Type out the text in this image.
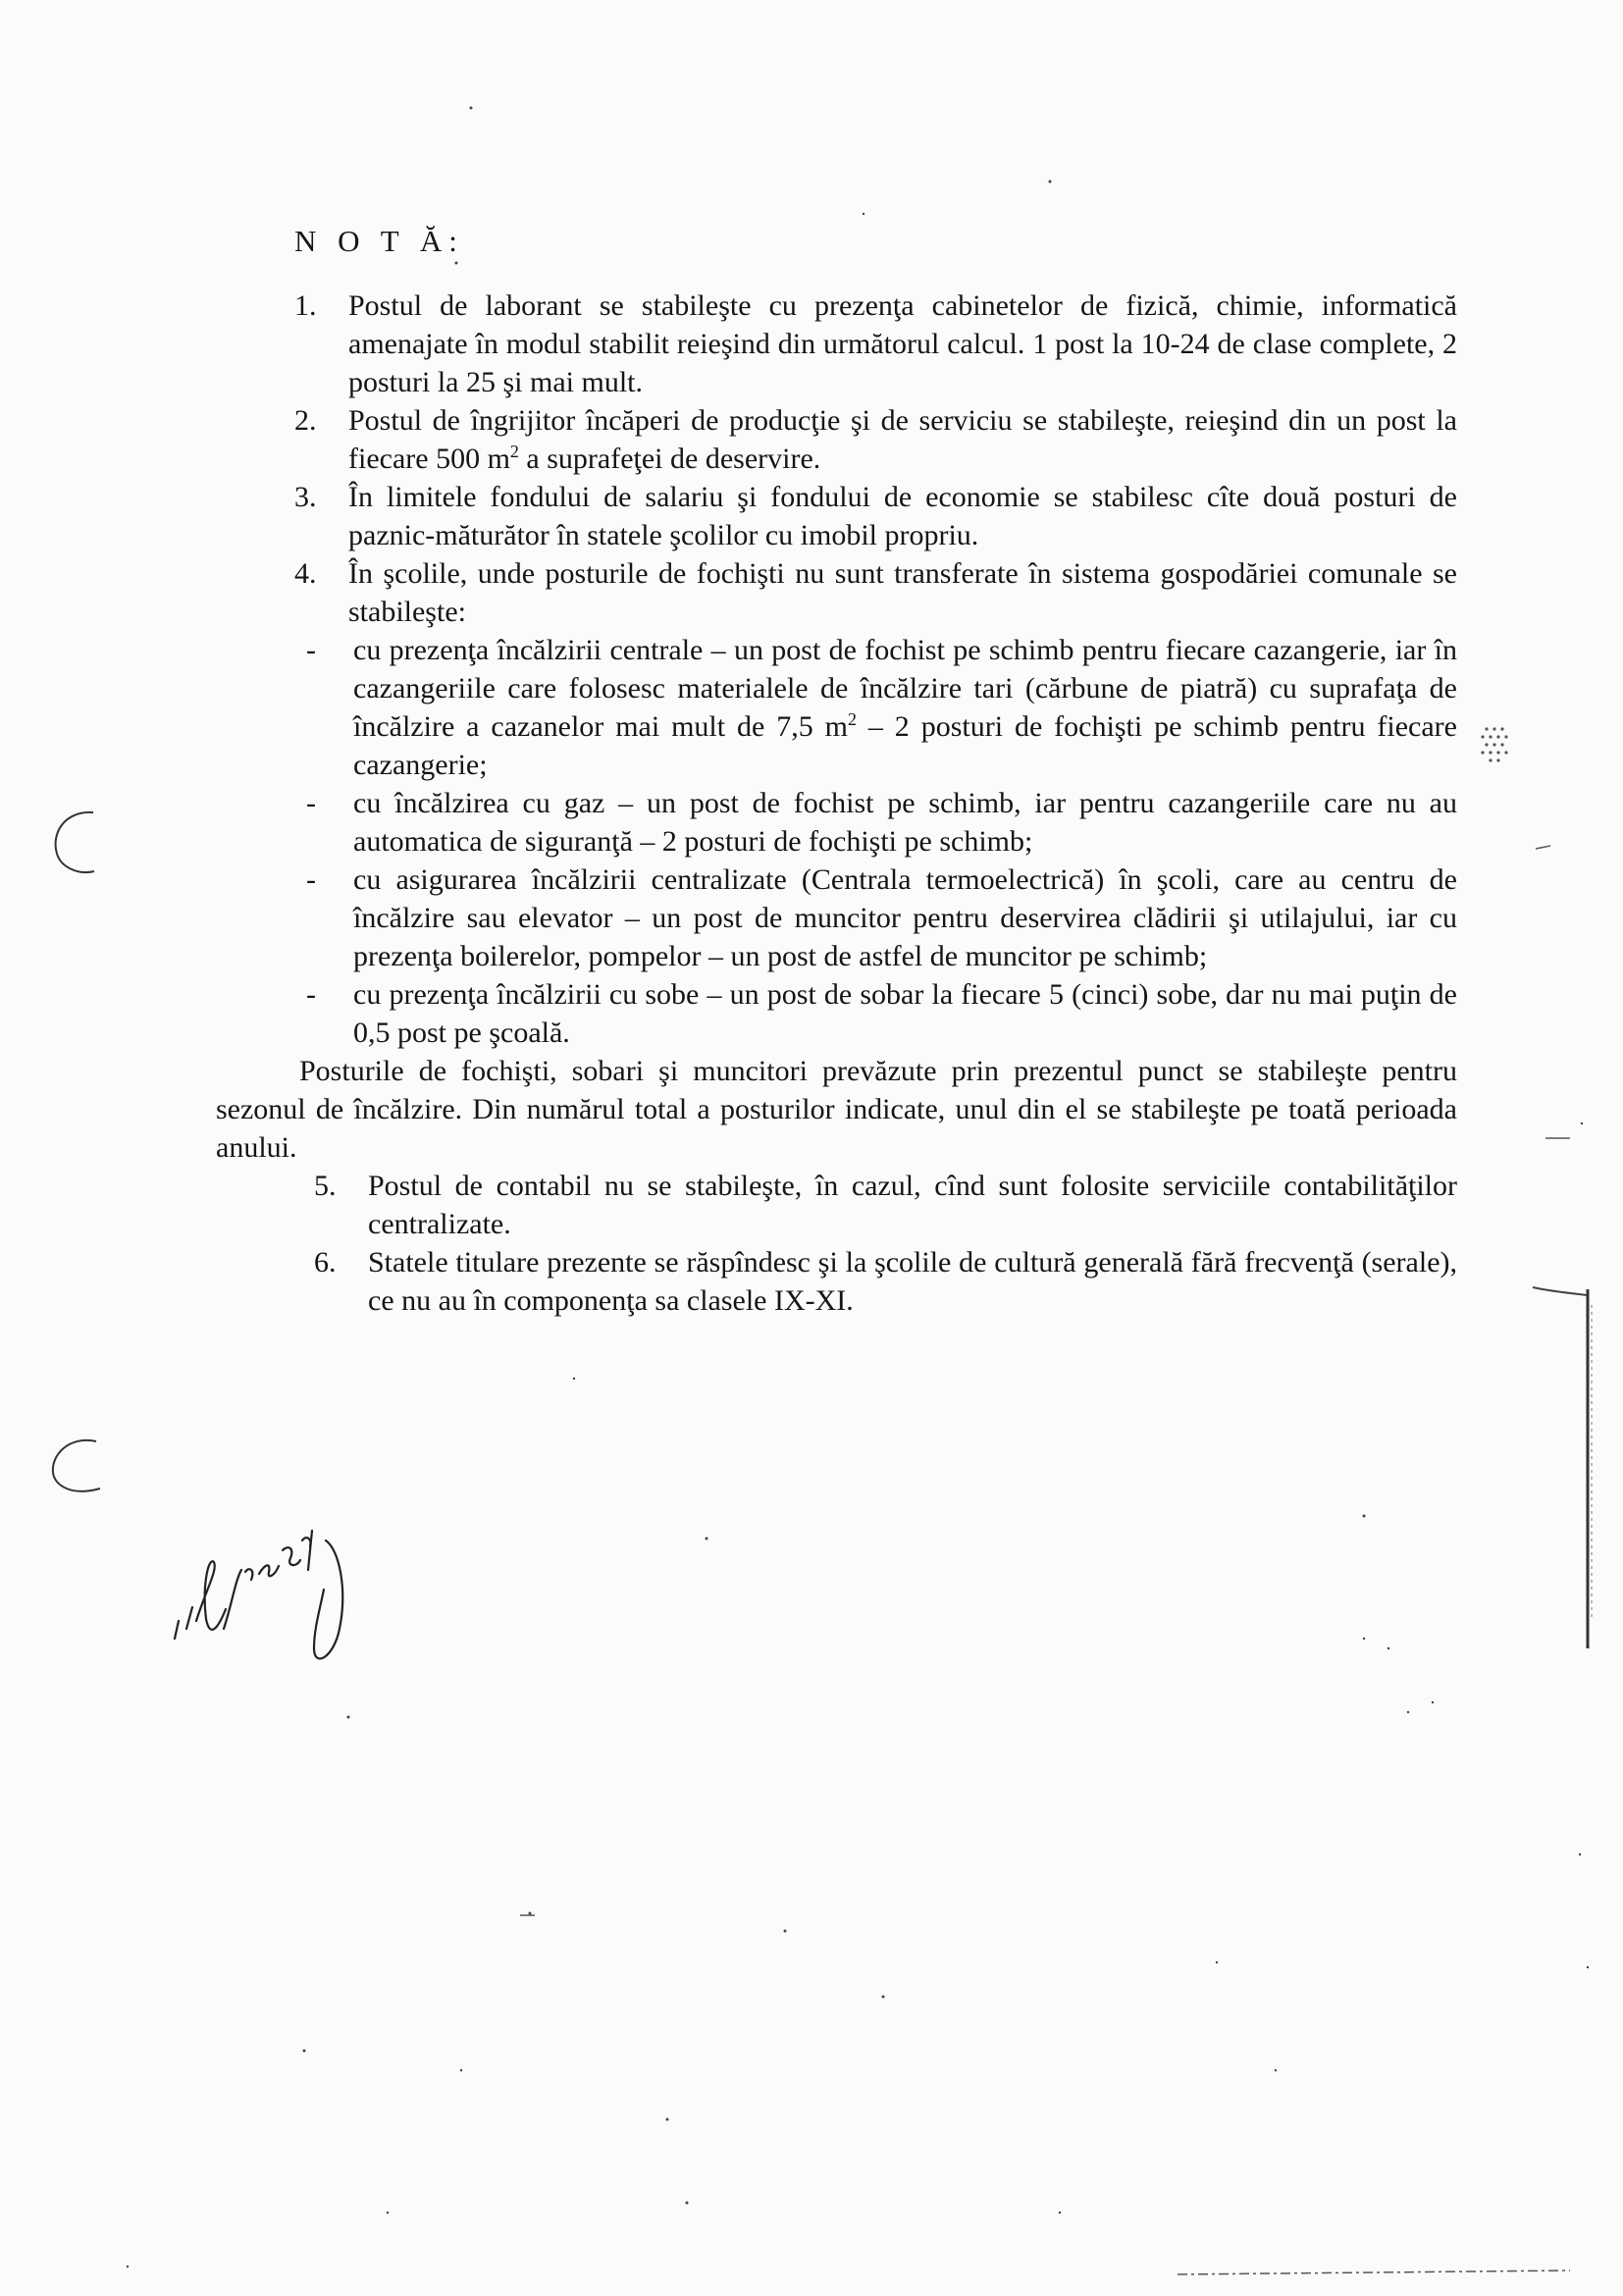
N O T Ă:
1.	Postul de laborant se stabileşte cu prezenţa cabinetelor de fizică, chimie, informatică amenajate în modul stabilit reieşind din următorul calcul. 1 post la 10-24 de clase complete, 2 posturi la 25 şi mai mult.
2.	Postul de îngrijitor încăperi de producţie şi de serviciu se stabileşte, reieşind din un post la fiecare 500 $m^2$ a suprafeţei de deservire.
3.	În limitele fondului de salariu şi fondului de economie se stabilesc cîte două posturi de paznic-măturător în statele şcolilor cu imobil propriu.
4.	În şcolile, unde posturile de fochişti nu sunt transferate în sistema gospodăriei comunale se stabileşte:
-	cu prezenţa încălzirii centrale – un post de fochist pe schimb pentru fiecare cazangerie, iar în cazangeriile care folosesc materialele de încălzire tari (cărbune de piatră) cu suprafaţa de încălzire a cazanelor mai mult de 7,5 $m^2 - 2$ posturi de fochişti pe schimb pentru fiecare cazangerie;
-	cu încălzirea cu gaz – un post de fochist pe schimb, iar pentru cazangeriile care nu au automatica de siguranţă – 2 posturi de fochişti pe schimb;
-	cu asigurarea încălzirii centralizate (Centrala termoelectrică) în şcoli, care au centru de încălzire sau elevator – un post de muncitor pentru deservirea clădirii şi utilajului, iar cu prezenţa boilerelor, pompelor – un post de astfel de muncitor pe schimb;
-	cu prezenţa încălzirii cu sobe – un post de sobar la fiecare 5 (cinci) sobe, dar nu mai puţin de 0,5 post pe şcoală.

Posturile de fochişti, sobari şi muncitori prevăzute prin prezentul punct se stabileşte pentru sezonul de încălzire. Din numărul total a posturilor indicate, unul din el se stabileşte pe toată perioada anului.

5.	Postul de contabil nu se stabileşte, în cazul, cînd sunt folosite serviciile contabilităţilor centralizate.
6.	Statele titulare prezente se răspîndesc şi la şcolile de cultură generală fără frecvenţă (serale), ce nu au în componenţa sa clasele IX-XI.
